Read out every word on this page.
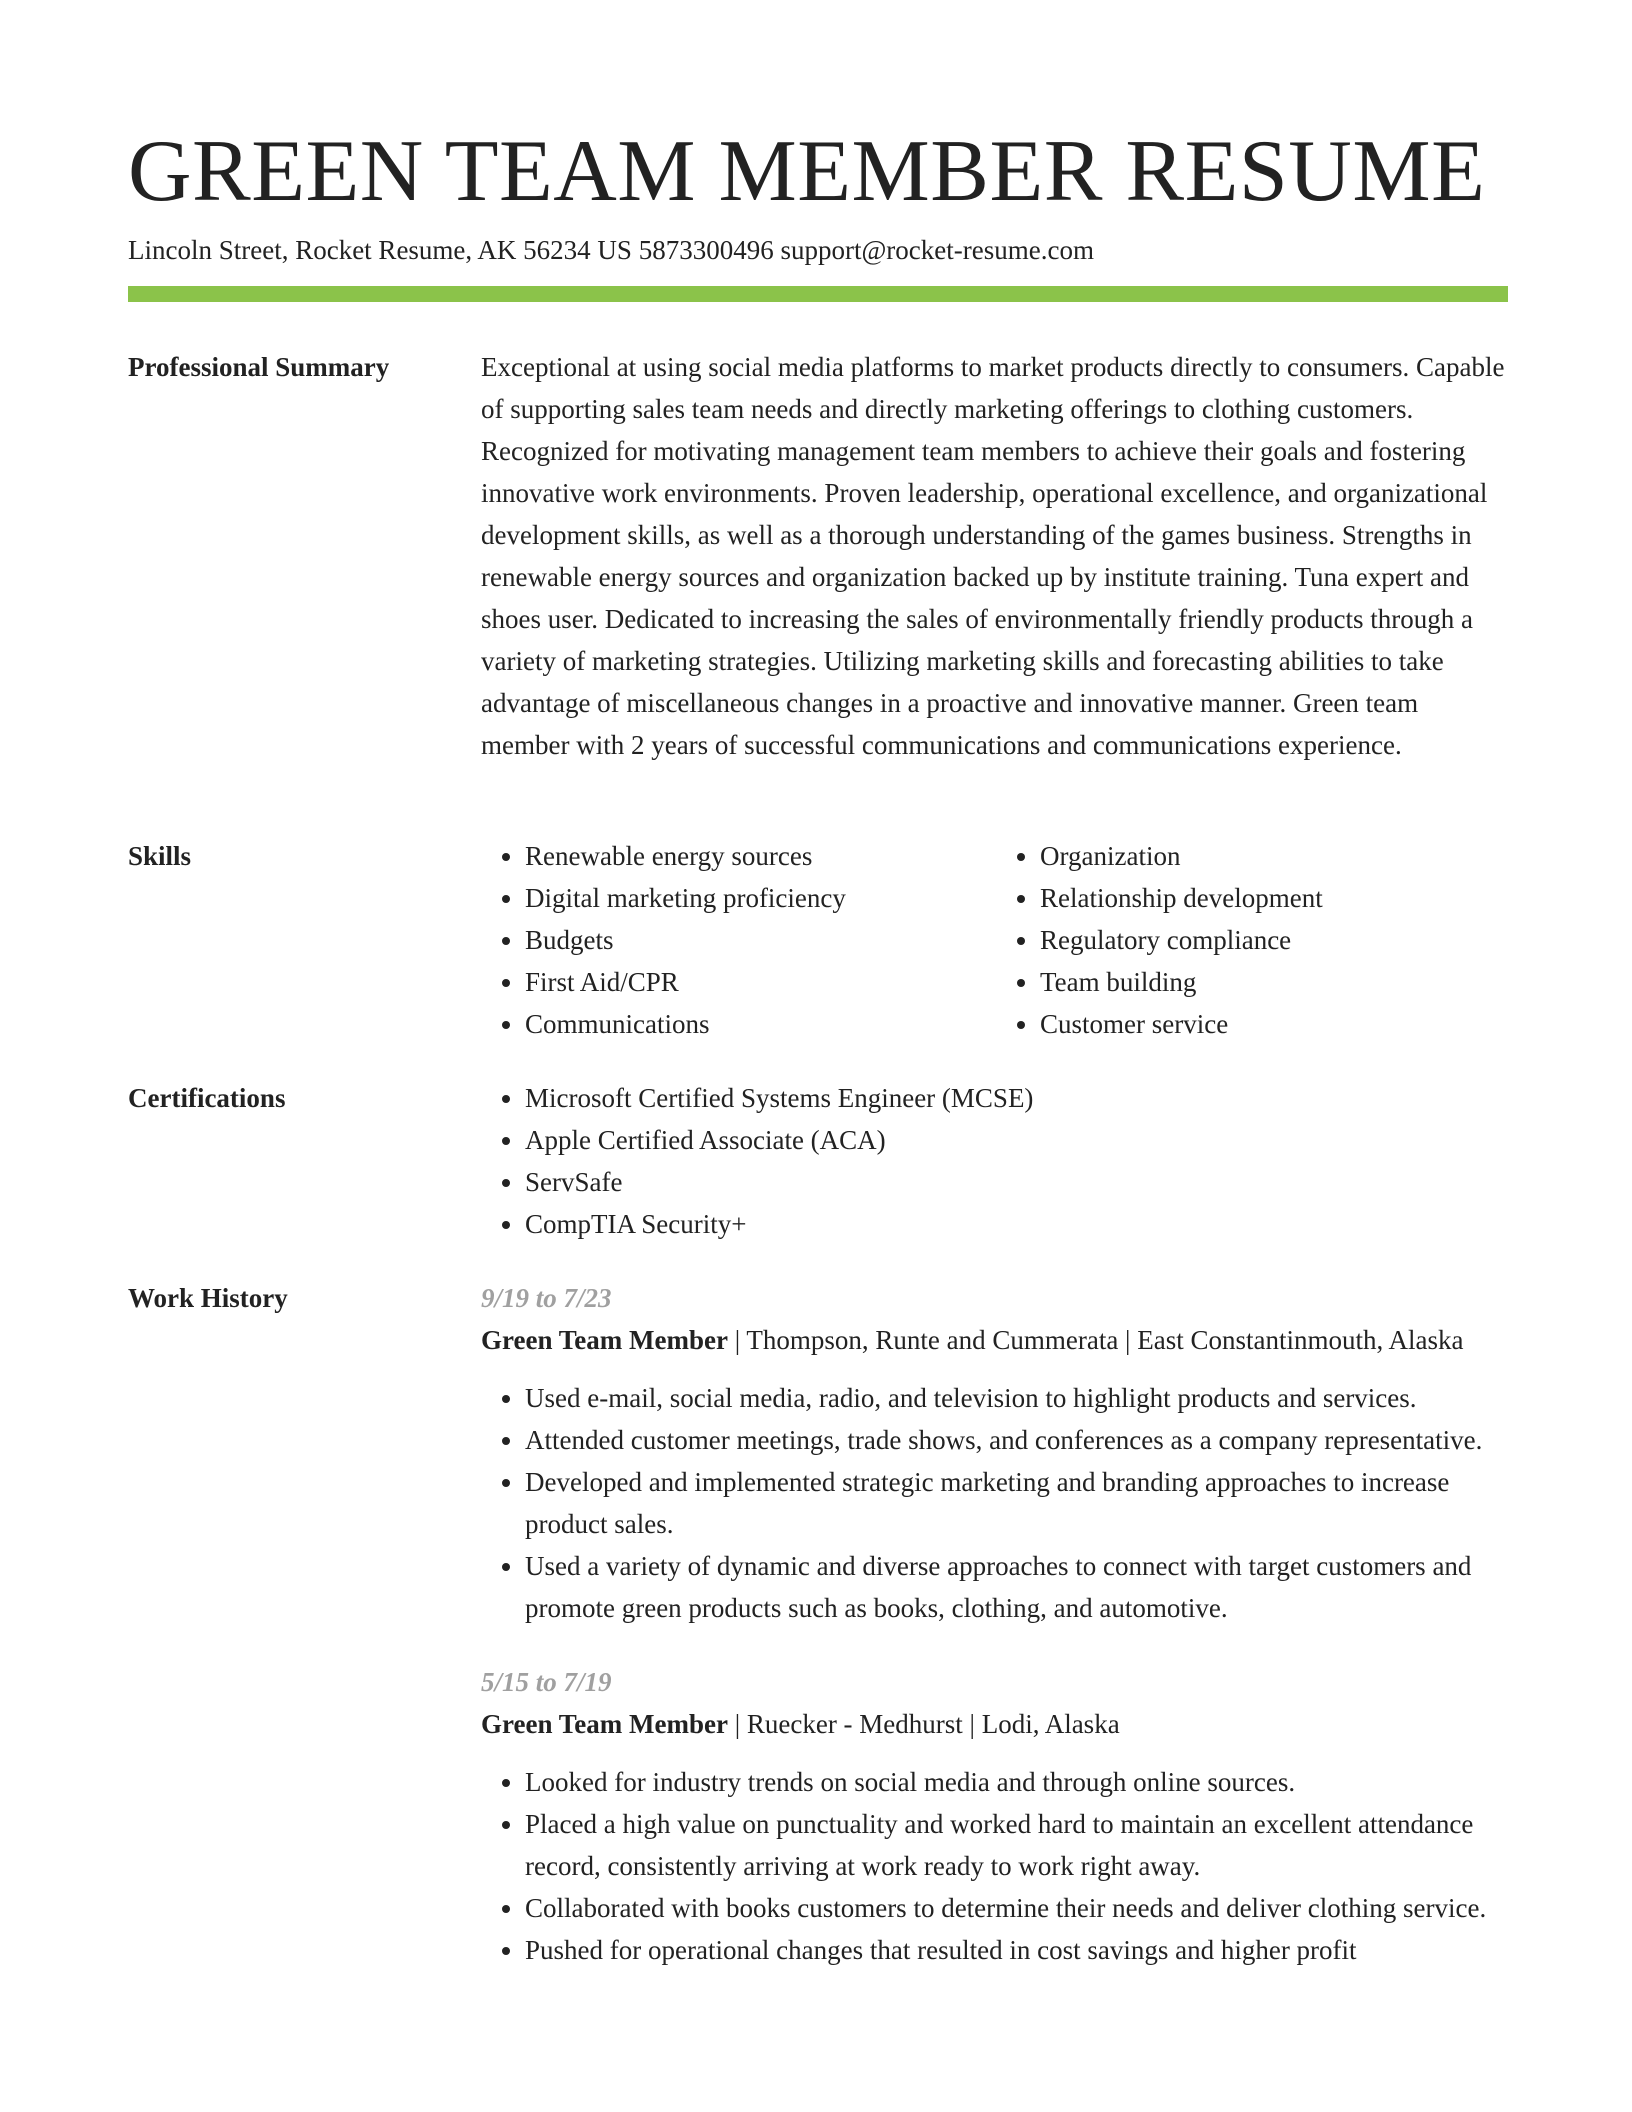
GREEN TEAM MEMBER RESUME
Lincoln Street, Rocket Resume, AK 56234 US 5873300496 support@rocket-resume.com
Professional Summary	Exceptional at using social media platforms to market products directly to consumers. Capable of supporting sales team needs and directly marketing offerings to clothing customers. Recognized for motivating management team members to achieve their goals and fostering innovative work environments. Proven leadership, operational excellence, and organizational development skills, as well as a thorough understanding of the games business. Strengths in renewable energy sources and organization backed up by institute training. Tuna expert and shoes user. Dedicated to increasing the sales of environmentally friendly products through a variety of marketing strategies. Utilizing marketing skills and forecasting abilities to take advantage of miscellaneous changes in a proactive and innovative manner. Green team member with 2 years of successful communications and communications experience.

Skills	• Renewable energy sources
• Digital marketing proficiency
• Budgets
• First Aid/CPR
• Communications
• Organization
• Relationship development
• Regulatory compliance
• Team building
• Customer service
Certifications	• Microsoft Certified Systems Engineer (MCSE)
• Apple Certified Associate (ACA)
• ServSafe
• CompTIA Security+
Work History	9/19 to 7/23
Green Team Member | Thompson, Runte and Cummerata | East Constantinmouth, Alaska
• Used e-mail, social media, radio, and television to highlight products and services.
• Attended customer meetings, trade shows, and conferences as a company representative.
• Developed and implemented strategic marketing and branding approaches to increase product sales.
• Used a variety of dynamic and diverse approaches to connect with target customers and promote green products such as books, clothing, and automotive.
5/15 to 7/19
Green Team Member | Ruecker - Medhurst | Lodi, Alaska
• Looked for industry trends on social media and through online sources.
• Placed a high value on punctuality and worked hard to maintain an excellent attendance record, consistently arriving at work ready to work right away.
• Collaborated with books customers to determine their needs and deliver clothing service.
• Pushed for operational changes that resulted in cost savings and higher profit
